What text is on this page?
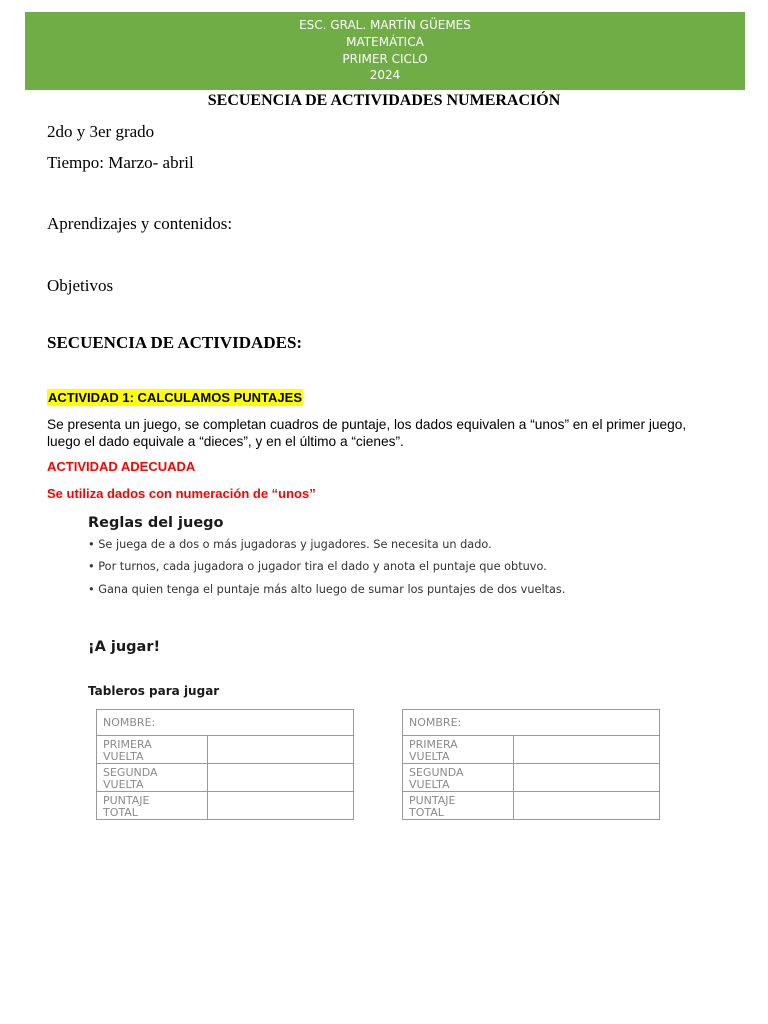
ESC. GRAL. MARTÍN GÜEMES
MATEMÁTICA
PRIMER CICLO
2024
SECUENCIA DE ACTIVIDADES NUMERACIÓN
2do y 3er grado
Tiempo: Marzo- abril
Aprendizajes y contenidos:
Objetivos
SECUENCIA DE ACTIVIDADES:
ACTIVIDAD 1: CALCULAMOS PUNTAJES
Se presenta un juego, se completan cuadros de puntaje, los dados equivalen a “unos” en el primer juego,
luego el dado equivale a “dieces”, y en el último a “cienes”.
ACTIVIDAD ADECUADA
Se utiliza dados con numeración de “unos”
Reglas del juego
• Se juega de a dos o más jugadoras y jugadores. Se necesita un dado.
• Por turnos, cada jugadora o jugador tira el dado y anota el puntaje que obtuvo.
• Gana quien tenga el puntaje más alto luego de sumar los puntajes de dos vueltas.
¡A jugar!
Tableros para jugar
NOMBRE:
PRIMERA
VUELTA
SEGUNDA
VUELTA
PUNTAJE
TOTAL
NOMBRE:
PRIMERA
VUELTA
SEGUNDA
VUELTA
PUNTAJE
TOTAL
